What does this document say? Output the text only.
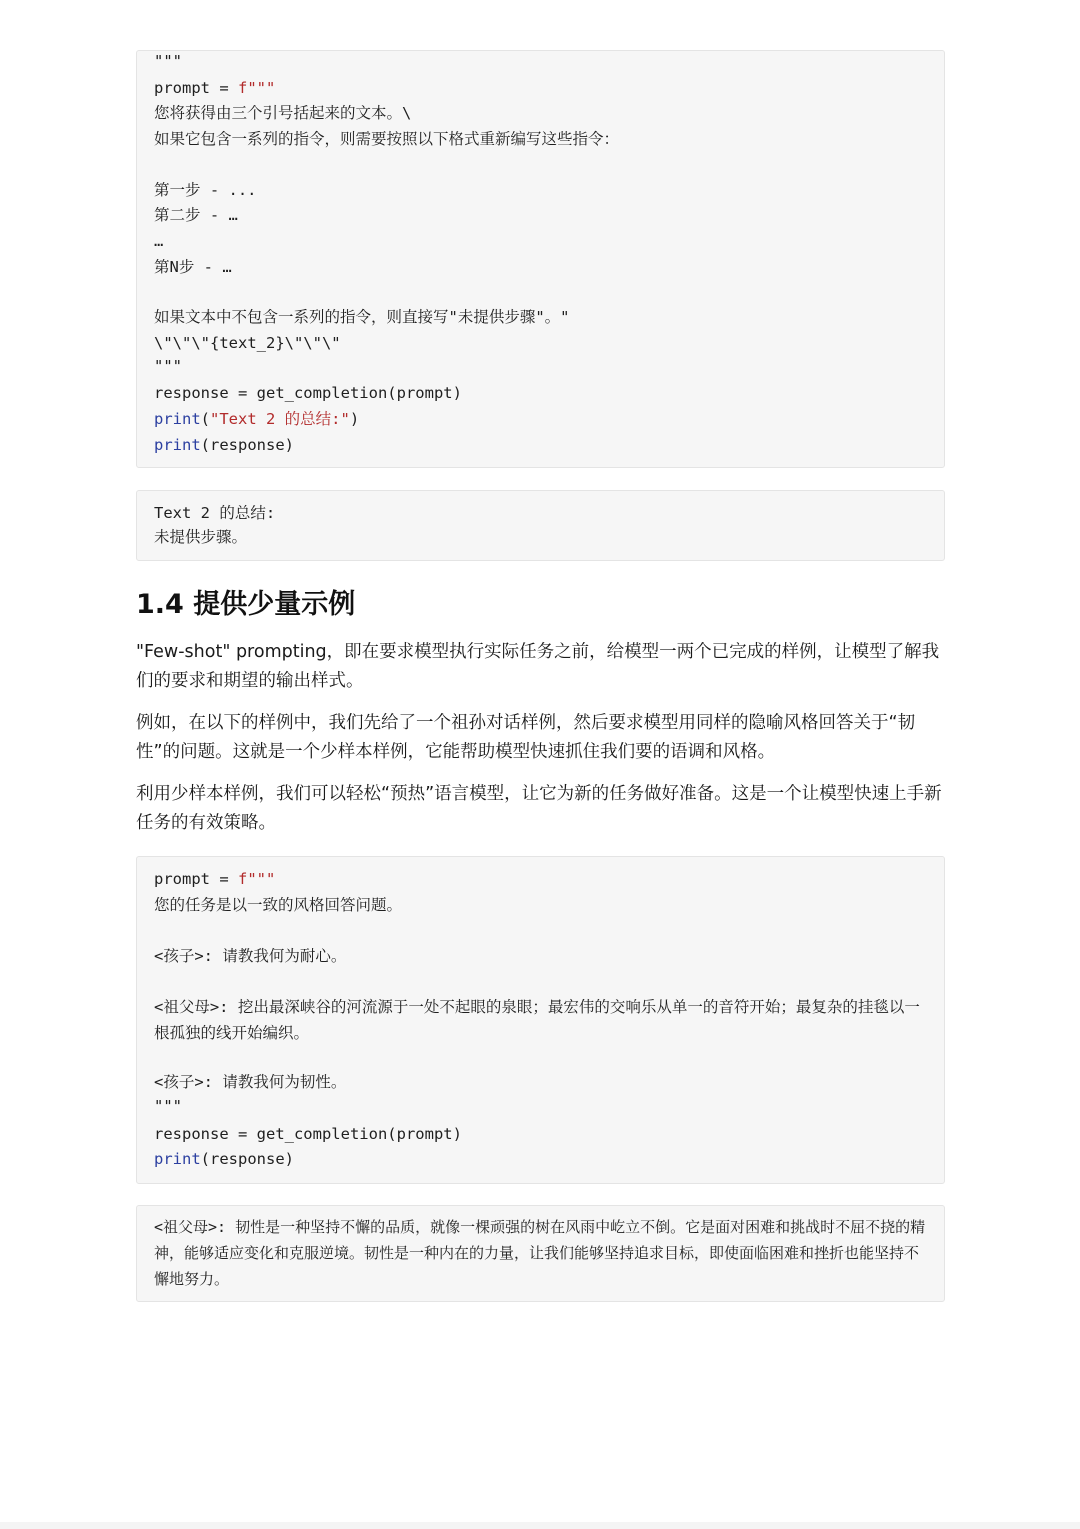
"""
prompt = f"""
您将获得由三个引号括起来的文本。\
如果它包含一系列的指令，则需要按照以下格式重新编写这些指令：
第一步 - ...
第二步 - …
…
第N步 - …
如果文本中不包含一系列的指令，则直接写"未提供步骤"。"
\"\"\"{text_2}\"\"\"
"""
response = get_completion(prompt)
print("Text 2 的总结:")
print(response)
Text 2 的总结:
未提供步骤。
1.4 提供少量示例

"Few-shot" prompting，即在要求模型执行实际任务之前，给模型一两个已完成的样例，让模型了解我们的要求和期望的输出样式。

例如，在以下的样例中，我们先给了一个祖孙对话样例，然后要求模型用同样的隐喻风格回答关于“韧性”的问题。这就是一个少样本样例，它能帮助模型快速抓住我们要的语调和风格。

利用少样本样例，我们可以轻松“预热”语言模型，让它为新的任务做好准备。这是一个让模型快速上手新任务的有效策略。

prompt = f"""
您的任务是以一致的风格回答问题。
<孩子>: 请教我何为耐心。
<祖父母>: 挖出最深峡谷的河流源于一处不起眼的泉眼；最宏伟的交响乐从单一的音符开始；最复杂的挂毯以一根孤独的线开始编织。
<孩子>: 请教我何为韧性。
"""
response = get_completion(prompt)
print(response)
<祖父母>: 韧性是一种坚持不懈的品质，就像一棵顽强的树在风雨中屹立不倒。它是面对困难和挑战时不屈不挠的精神，能够适应变化和克服逆境。韧性是一种内在的力量，让我们能够坚持追求目标，即使面临困难和挫折也能坚持不懈地努力。
